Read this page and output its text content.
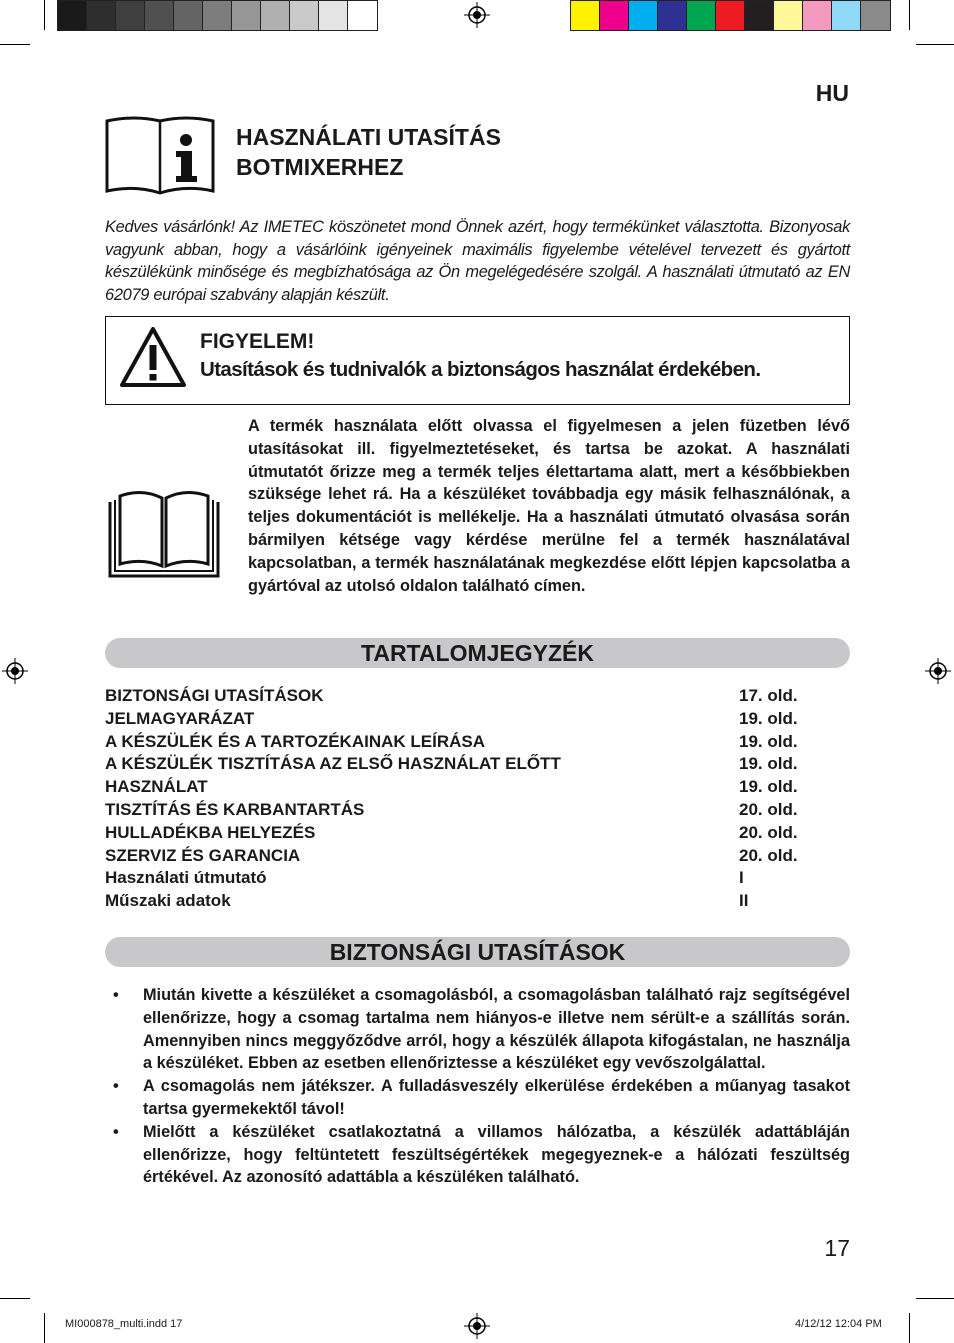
HU
HASZNÁLATI UTASÍTÁS
BOTMIXERHEZ
Kedves vásárlónk! Az IMETEC köszönetet mond Önnek azért, hogy termékünket választotta. Bizonyosak vagyunk abban, hogy a vásárlóink igényeinek maximális figyelembe vételével tervezett és gyártott készülékünk minősége és megbízhatósága az Ön megelégedésére szolgál. A használati útmutató az EN 62079 európai szabvány alapján készült.
FIGYELEM!
Utasítások és tudnivalók a biztonságos használat érdekében.
A termék használata előtt olvassa el figyelmesen a jelen füzetben lévő utasításokat ill. figyelmeztetéseket, és tartsa be azokat. A használati útmutatót őrizze meg a termék teljes élettartama alatt, mert a későbbiekben szüksége lehet rá. Ha a készüléket továbbadja egy másik felhasználónak, a teljes dokumentációt is mellékelje. Ha a használati útmutató olvasása során bármilyen kétsége vagy kérdése merülne fel a termék használatával kapcsolatban, a termék használatának megkezdése előtt lépjen kapcsolatba a gyártóval az utolsó oldalon található címen.
TARTALOMJEGYZÉK
BIZTONSÁGI UTASÍTÁSOK	17. old.
JELMAGYARÁZAT	19. old.
A KÉSZÜLÉK ÉS A TARTOZÉKAINAK LEÍRÁSA	19. old.
A KÉSZÜLÉK TISZTÍTÁSA AZ ELSŐ HASZNÁLAT ELŐTT	19. old.
HASZNÁLAT	19. old.
TISZTÍTÁS ÉS KARBANTARTÁS	20. old.
HULLADÉKBA HELYEZÉS	20. old.
SZERVIZ ÉS GARANCIA	20. old.
Használati útmutató	I
Műszaki adatok	II
BIZTONSÁGI UTASÍTÁSOK
• Miután kivette a készüléket a csomagolásból, a csomagolásban található rajz segítségével ellenőrizze, hogy a csomag tartalma nem hiányos-e illetve nem sérült-e a szállítás során. Amennyiben nincs meggyőződve arról, hogy a készülék állapota kifogástalan, ne használja a készüléket. Ebben az esetben ellenőriztesse a készüléket egy vevőszolgálattal.
• A csomagolás nem játékszer. A fulladásveszély elkerülése érdekében a műanyag tasakot tartsa gyermekektől távol!
• Mielőtt a készüléket csatlakoztatná a villamos hálózatba, a készülék adattábláján ellenőrizze, hogy feltüntetett feszültségértékek megegyeznek-e a hálózati feszültség értékével. Az azonosító adattábla a készüléken található.
17
MI000878_multi.indd 17	4/12/12 12:04 PM
